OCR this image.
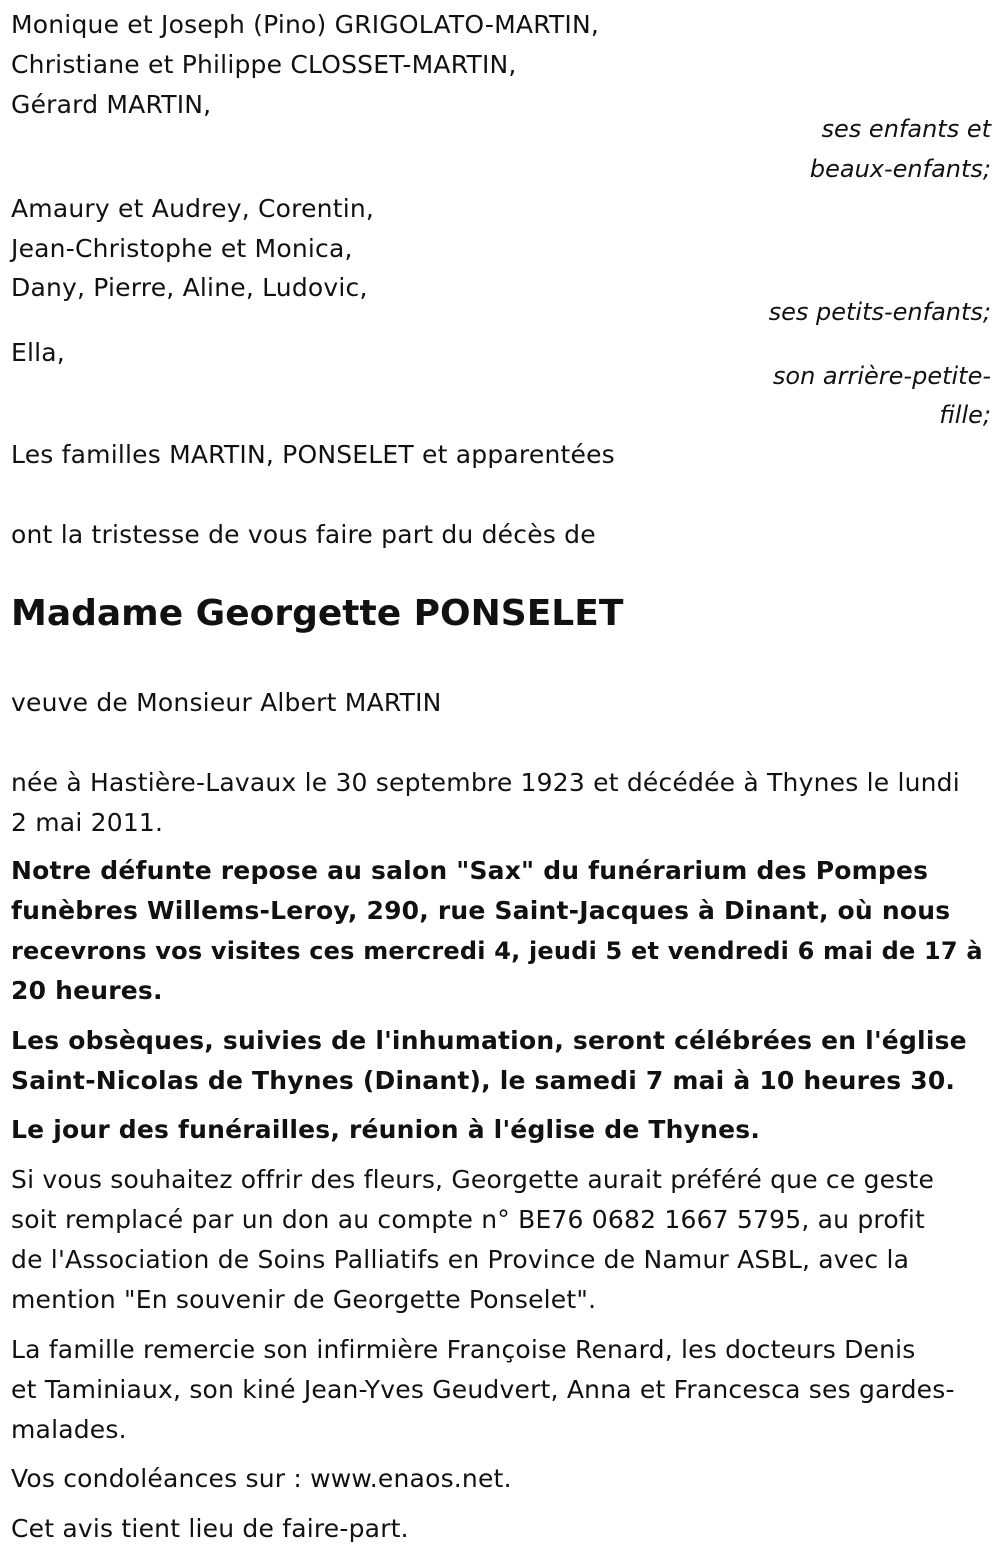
Monique et Joseph (Pino) GRIGOLATO-MARTIN,
Christiane et Philippe CLOSSET-MARTIN,
Gérard MARTIN,
ses enfants et
beaux-enfants;
Amaury et Audrey, Corentin,
Jean-Christophe et Monica,
Dany, Pierre, Aline, Ludovic,
ses petits-enfants;
Ella,
son arrière-petite-
fille;
Les familles MARTIN, PONSELET et apparentées
ont la tristesse de vous faire part du décès de
Madame Georgette PONSELET
veuve de Monsieur Albert MARTIN
née à Hastière-Lavaux le 30 septembre 1923 et décédée à Thynes le lundi
2 mai 2011.
Notre défunte repose au salon "Sax" du funérarium des Pompes
funèbres Willems-Leroy, 290, rue Saint-Jacques à Dinant, où nous
recevrons vos visites ces mercredi 4, jeudi 5 et vendredi 6 mai de 17 à
20 heures.
Les obsèques, suivies de l'inhumation, seront célébrées en l'église
Saint-Nicolas de Thynes (Dinant), le samedi 7 mai à 10 heures 30.
Le jour des funérailles, réunion à l'église de Thynes.
Si vous souhaitez offrir des fleurs, Georgette aurait préféré que ce geste
soit remplacé par un don au compte n° BE76 0682 1667 5795, au profit
de l'Association de Soins Palliatifs en Province de Namur ASBL, avec la
mention "En souvenir de Georgette Ponselet".
La famille remercie son infirmière Françoise Renard, les docteurs Denis
et Taminiaux, son kiné Jean-Yves Geudvert, Anna et Francesca ses gardes-
malades.
Vos condoléances sur : www.enaos.net.
Cet avis tient lieu de faire-part.
